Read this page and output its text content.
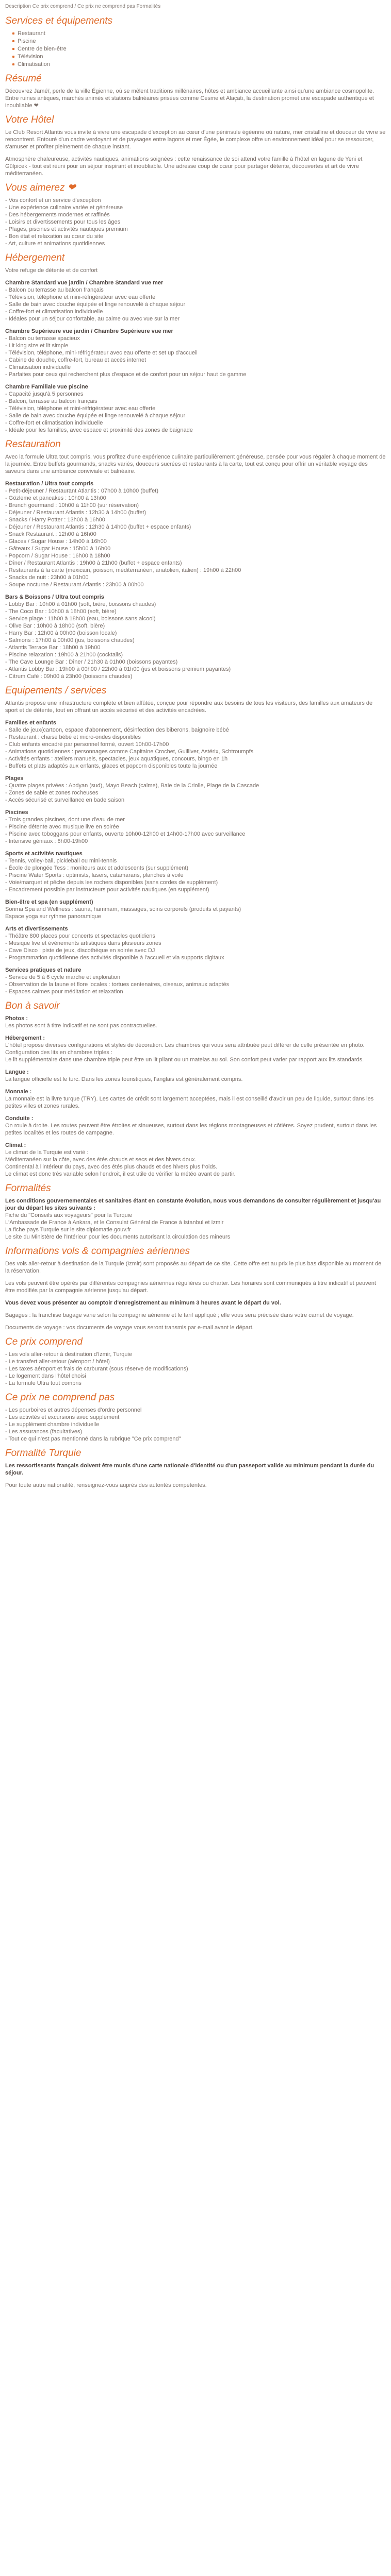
Description Ce prix comprend / Ce prix ne comprend pas Formalités
Services et équipements
Restaurant
Piscine
Centre de bien-être
Télévision
Climatisation
Résumé

Découvrez Jaméï, perle de la ville Égienne, où se mêlent traditions millénaires, hôtes et ambiance accueillante ainsi qu'une ambiance cosmopolite. Entre ruines antiques, marchés animés et stations balnéaires prisées comme Cesme et Alaçatı, la destination promet une escapade authentique et inoubliable ❤

Votre Hôtel

Le Club Resort Atlantis vous invite à vivre une escapade d'exception au cœur d'une péninsule égéenne où nature, mer cristalline et douceur de vivre se rencontrent. Entouré d'un cadre verdoyant et de paysages entre lagons et mer Égée, le complexe offre un environnement idéal pour se ressourcer, s'amuser et profiter pleinement de chaque instant.

Atmosphère chaleureuse, activités nautiques, animations soignées : cette renaissance de soi attend votre famille à l'hôtel en lagune de Yeni et Gülpicek - tout est réuni pour un séjour inspirant et inoubliable. Une adresse coup de cœur pour partager détente, découvertes et art de vivre méditerranéen.

Vous aimerez ❤
- Vos confort et un service d'exception
- Une expérience culinaire variée et généreuse
- Des hébergements modernes et raffinés
- Loisirs et divertissements pour tous les âges
- Plages, piscines et activités nautiques premium
- Bon état et relaxation au cœur du site
- Art, culture et animations quotidiennes
Hébergement

Votre refuge de détente et de confort

Chambre Standard vue jardin / Chambre Standard vue mer
- Balcon ou terrasse au balcon français
- Télévision, téléphone et mini-réfrigérateur avec eau offerte
- Salle de bain avec douche équipée et linge renouvelé à chaque séjour
- Coffre-fort et climatisation individuelle
- Idéales pour un séjour confortable, au calme ou avec vue sur la mer
Chambre Supérieure vue jardin / Chambre Supérieure vue mer
- Balcon ou terrasse spacieux
- Lit king size et lit simple
- Télévision, téléphone, mini-réfrigérateur avec eau offerte et set up d'accueil
- Cabine de douche, coffre-fort, bureau et accès internet
- Climatisation individuelle
- Parfaites pour ceux qui recherchent plus d'espace et de confort pour un séjour haut de gamme
Chambre Familiale vue piscine
- Capacité jusqu'à 5 personnes
- Balcon, terrasse au balcon français
- Télévision, téléphone et mini-réfrigérateur avec eau offerte
- Salle de bain avec douche équipée et linge renouvelé à chaque séjour
- Coffre-fort et climatisation individuelle
- Idéale pour les familles, avec espace et proximité des zones de baignade
Restauration

Avec la formule Ultra tout compris, vous profitez d'une expérience culinaire particulièrement généreuse, pensée pour vous régaler à chaque moment de la journée. Entre buffets gourmands, snacks variés, douceurs sucrées et restaurants à la carte, tout est conçu pour offrir un véritable voyage des saveurs dans une ambiance conviviale et balnéaire.

Restauration / Ultra tout compris
- Petit-déjeuner / Restaurant Atlantis : 07h00 à 10h00 (buffet)
- Gözleme et pancakes : 10h00 à 13h00
- Brunch gourmand : 10h00 à 11h00 (sur réservation)
- Déjeuner / Restaurant Atlantis : 12h30 à 14h00 (buffet)
- Snacks / Harry Potter : 13h00 à 16h00
- Déjeuner / Restaurant Atlantis : 12h30 à 14h00 (buffet + espace enfants)
- Snack Restaurant : 12h00 à 16h00
- Glaces / Sugar House : 14h00 à 16h00
- Gâteaux / Sugar House : 15h00 à 16h00
- Popcorn / Sugar House : 16h00 à 18h00
- Dîner / Restaurant Atlantis : 19h00 à 21h00 (buffet + espace enfants)
- Restaurants à la carte (mexicain, poisson, méditerranéen, anatolien, italien) : 19h00 à 22h00
- Snacks de nuit : 23h00 à 01h00
- Soupe nocturne / Restaurant Atlantis : 23h00 à 00h00
Bars & Boissons / Ultra tout compris
- Lobby Bar : 10h00 à 01h00 (soft, bière, boissons chaudes)
- The Coco Bar : 10h00 à 18h00 (soft, bière)
- Service plage : 11h00 à 18h00 (eau, boissons sans alcool)
- Olive Bar : 10h00 à 18h00 (soft, bière)
- Harry Bar : 12h00 à 00h00 (boisson locale)
- Salmons : 17h00 à 00h00 (jus, boissons chaudes)
- Atlantis Terrace Bar : 18h00 à 19h00
- Piscine relaxation : 19h00 à 21h00 (cocktails)
- The Cave Lounge Bar : Dîner / 21h30 à 01h00 (boissons payantes)
- Atlantis Lobby Bar : 19h00 à 00h00 / 22h00 à 01h00 (jus et boissons premium payantes)
- Citrum Café : 09h00 à 23h00 (boissons chaudes)
Equipements / services

Atlantis propose une infrastructure complète et bien affûtée, conçue pour répondre aux besoins de tous les visiteurs, des familles aux amateurs de sport et de détente, tout en offrant un accès sécurisé et des activités encadrées.

Familles et enfants
- Salle de jeux(cartoon, espace d'abonnement, désinfection des biberons, baignoire bébé
- Restaurant : chaise bébé et micro-ondes disponibles
- Club enfants encadré par personnel formé, ouvert 10h00-17h00
- Animations quotidiennes : personnages comme Capitaine Crochet, Guilliver, Astérix, Schtroumpfs
- Activités enfants : ateliers manuels, spectacles, jeux aquatiques, concours, bingo en 1h
- Buffets et plats adaptés aux enfants, glaces et popcorn disponibles toute la journée
Plages
- Quatre plages privées : Abdyan (sud), Mayo Beach (calme), Baie de la Criolle, Plage de la Cascade
- Zones de sable et zones rocheuses
- Accès sécurisé et surveillance en bade saison
Piscines
- Trois grandes piscines, dont une d'eau de mer
- Piscine détente avec musique live en soirée
- Piscine avec toboggans pour enfants, ouverte 10h00-12h00 et 14h00-17h00 avec surveillance
- Intensive géniaux : 8h00-19h00
Sports et activités nautiques
- Tennis, volley-ball, pickleball ou mini-tennis
- École de plongée Tess : moniteurs aux et adolescents (sur supplément)
- Piscine Water Sports : optimists, lasers, catamarans, planches à voile
- Voie/marquet et pêche depuis les rochers disponibles (sans cordes de supplément)
- Encadrement possible par instructeurs pour activités nautiques (en supplément)
Bien-être et spa (en supplément)
Sorima Spa and Wellness : sauna, hammam, massages, soins corporels (produits et payants)
Espace yoga sur rythme panoramique
Arts et divertissements
- Théâtre 800 places pour concerts et spectacles quotidiens
- Musique live et événements artistiques dans plusieurs zones
- Cave Disco : piste de jeux, discothèque en soirée avec DJ
- Programmation quotidienne des activités disponible à l'accueil et via supports digitaux
Services pratiques et nature
- Service de 5 à 6 cycle marche et exploration
- Observation de la faune et flore locales : tortues centenaires, oiseaux, animaux adaptés
- Espaces calmes pour méditation et relaxation
Bon à savoir
Photos :
Les photos sont à titre indicatif et ne sont pas contractuelles.
Hébergement :
L'hôtel propose diverses configurations et styles de décoration. Les chambres qui vous sera attribuée peut différer de celle présentée en photo.
Configuration des lits en chambres triples :
Le lit supplémentaire dans une chambre triple peut être un lit pliant ou un matelas au sol. Son confort peut varier par rapport aux lits standards.
Langue :
La langue officielle est le turc. Dans les zones touristiques, l'anglais est généralement compris.
Monnaie :
La monnaie est la livre turque (TRY). Les cartes de crédit sont largement acceptées, mais il est conseillé d'avoir un peu de liquide, surtout dans les petites villes et zones rurales.
Conduite :
On roule à droite. Les routes peuvent être étroites et sinueuses, surtout dans les régions montagneuses et côtières. Soyez prudent, surtout dans les petites localités et les routes de campagne.
Climat :
Le climat de la Turquie est varié :
Méditerranéen sur la côte, avec des étés chauds et secs et des hivers doux.
Continental à l'intérieur du pays, avec des étés plus chauds et des hivers plus froids.
Le climat est donc très variable selon l'endroit, il est utile de vérifier la météo avant de partir.
Formalités
Les conditions gouvernementales et sanitaires étant en constante évolution, nous vous demandons de consulter régulièrement et jusqu'au jour du départ les sites suivants :
Fiche du "Conseils aux voyageurs" pour la Turquie
L'Ambassade de France à Ankara, et le Consulat Général de France à Istanbul et Izmir
La fiche pays Turquie sur le site diplomatie.gouv.fr
Le site du Ministère de l'Intérieur pour les documents autorisant la circulation des mineurs
Informations vols & compagnies aériennes

Des vols aller-retour à destination de la Turquie (Izmir) sont proposés au départ de ce site. Cette offre est au prix le plus bas disponible au moment de la réservation.

Les vols peuvent être opérés par différentes compagnies aériennes régulières ou charter. Les horaires sont communiqués à titre indicatif et peuvent être modifiés par la compagnie aérienne jusqu'au départ.

Vous devez vous présenter au comptoir d'enregistrement au minimum 3 heures avant le départ du vol.

Bagages : la franchise bagage varie selon la compagnie aérienne et le tarif appliqué ; elle vous sera précisée dans votre carnet de voyage.

Documents de voyage : vos documents de voyage vous seront transmis par e-mail avant le départ.

Ce prix comprend
- Les vols aller-retour à destination d'Izmir, Turquie
- Le transfert aller-retour (aéroport / hôtel)
- Les taxes aéroport et frais de carburant (sous réserve de modifications)
- Le logement dans l'hôtel choisi
- La formule Ultra tout compris
Ce prix ne comprend pas
- Les pourboires et autres dépenses d'ordre personnel
- Les activités et excursions avec supplément
- Le supplément chambre individuelle
- Les assurances (facultatives)
- Tout ce qui n'est pas mentionné dans la rubrique "Ce prix comprend"
Formalité Turquie

Les ressortissants français doivent être munis d'une carte nationale d'identité ou d'un passeport valide au minimum pendant la durée du séjour.

Pour toute autre nationalité, renseignez-vous auprès des autorités compétentes.
